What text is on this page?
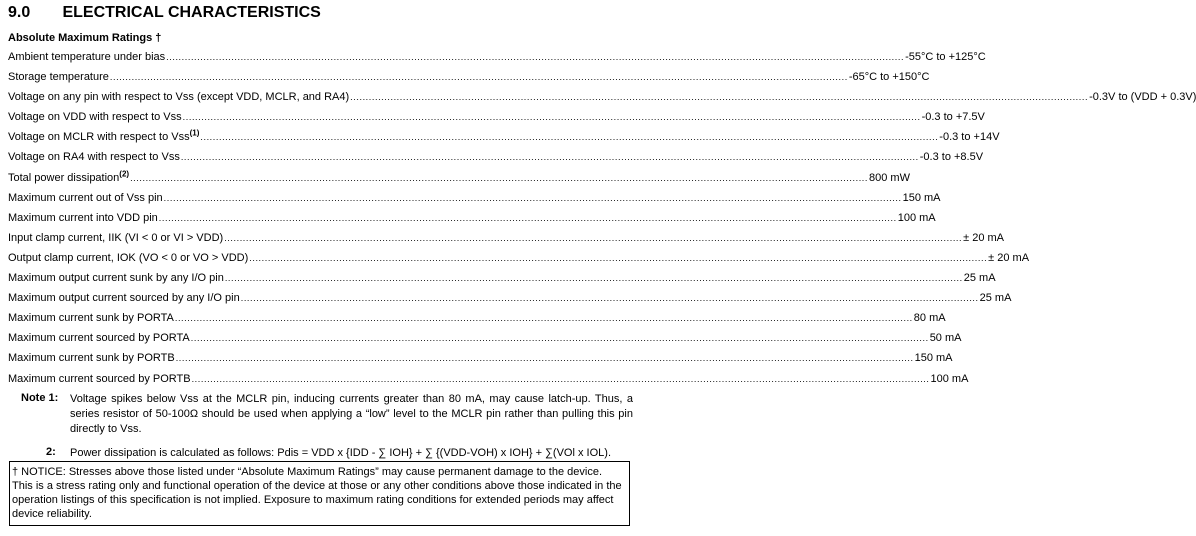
9.0 ELECTRICAL CHARACTERISTICS
Absolute Maximum Ratings †
Ambient temperature under bias .............................................................................................................................................................................................................................................. -55°C to +125°C
Storage temperature .............................................................................................................................................................................................................................................. -65°C to +150°C
Voltage on any pin with respect to Vss (except VDD, MCLR, and RA4) .............................................................................................................................................................................................................................................. -0.3V to (VDD + 0.3V)
Voltage on VDD with respect to Vss .............................................................................................................................................................................................................................................. -0.3 to +7.5V
Voltage on MCLR with respect to Vss$^{(1)}$ .............................................................................................................................................................................................................................................. -0.3 to +14V
Voltage on RA4 with respect to Vss .............................................................................................................................................................................................................................................. -0.3 to +8.5V
Total power dissipation$^{(2)}$ .............................................................................................................................................................................................................................................. 800 mW
Maximum current out of Vss pin .............................................................................................................................................................................................................................................. 150 mA
Maximum current into VDD pin .............................................................................................................................................................................................................................................. 100 mA
Input clamp current, IIK (VI < 0 or VI > VDD) .............................................................................................................................................................................................................................................. ± 20 mA
Output clamp current, IOK (VO < 0 or VO > VDD) .............................................................................................................................................................................................................................................. ± 20 mA
Maximum output current sunk by any I/O pin .............................................................................................................................................................................................................................................. 25 mA
Maximum output current sourced by any I/O pin .............................................................................................................................................................................................................................................. 25 mA
Maximum current sunk by PORTA .............................................................................................................................................................................................................................................. 80 mA
Maximum current sourced by PORTA .............................................................................................................................................................................................................................................. 50 mA
Maximum current sunk by PORTB .............................................................................................................................................................................................................................................. 150 mA
Maximum current sourced by PORTB .............................................................................................................................................................................................................................................. 100 mA
Note 1: Voltage spikes below Vss at the MCLR pin, inducing currents greater than 80 mA, may cause latch-up. Thus, a series resistor of 50-100Ω should be used when applying a “low” level to the MCLR pin rather than pulling this pin directly to Vss.
2: Power dissipation is calculated as follows: Pdis = VDD x {IDD - ∑ IOH} + ∑ {(VDD-VOH) x IOH} + ∑(VOl x IOL).
† NOTICE: Stresses above those listed under “Absolute Maximum Ratings” may cause permanent damage to the device. This is a stress rating only and functional operation of the device at those or any other conditions above those indicated in the operation listings of this specification is not implied. Exposure to maximum rating conditions for extended periods may affect device reliability.
